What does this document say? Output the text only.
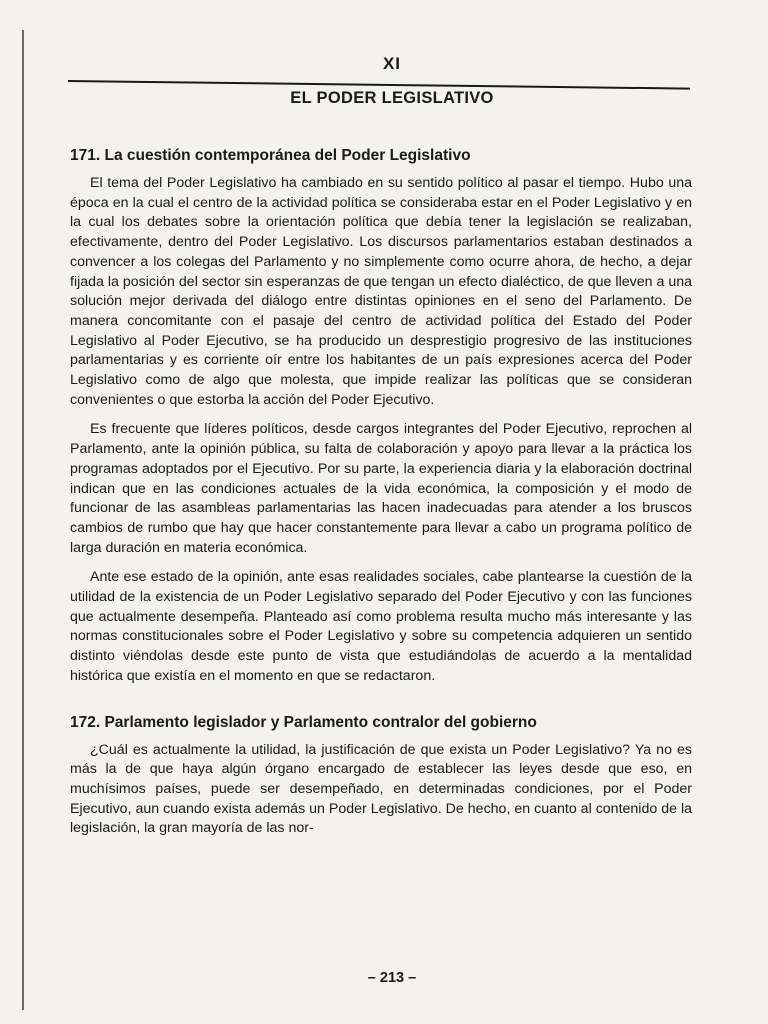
XI
EL PODER LEGISLATIVO
171. La cuestión contemporánea del Poder Legislativo

El tema del Poder Legislativo ha cambiado en su sentido político al pasar el tiempo. Hubo una época en la cual el centro de la actividad política se consideraba estar en el Poder Legislativo y en la cual los debates sobre la orientación política que debía tener la legislación se realizaban, efectivamente, dentro del Poder Legislativo. Los discursos parlamentarios estaban destinados a convencer a los colegas del Parlamento y no simplemente como ocurre ahora, de hecho, a dejar fijada la posición del sector sin esperanzas de que tengan un efecto dialéctico, de que lleven a una solución mejor derivada del diálogo entre distintas opiniones en el seno del Parlamento. De manera concomitante con el pasaje del centro de actividad política del Estado del Poder Legislativo al Poder Ejecutivo, se ha producido un desprestigio progresivo de las instituciones parlamentarias y es corriente oír entre los habitantes de un país expresiones acerca del Poder Legislativo como de algo que molesta, que impide realizar las políticas que se consideran convenientes o que estorba la acción del Poder Ejecutivo.

Es frecuente que líderes políticos, desde cargos integrantes del Poder Ejecutivo, reprochen al Parlamento, ante la opinión pública, su falta de colaboración y apoyo para llevar a la práctica los programas adoptados por el Ejecutivo. Por su parte, la experiencia diaria y la elaboración doctrinal indican que en las condiciones actuales de la vida económica, la composición y el modo de funcionar de las asambleas parlamentarias las hacen inadecuadas para atender a los bruscos cambios de rumbo que hay que hacer constantemente para llevar a cabo un programa político de larga duración en materia económica.

Ante ese estado de la opinión, ante esas realidades sociales, cabe plantearse la cuestión de la utilidad de la existencia de un Poder Legislativo separado del Poder Ejecutivo y con las funciones que actualmente desempeña. Planteado así como problema resulta mucho más interesante y las normas constitucionales sobre el Poder Legislativo y sobre su competencia adquieren un sentido distinto viéndolas desde este punto de vista que estudiándolas de acuerdo a la mentalidad histórica que existía en el momento en que se redactaron.

172. Parlamento legislador y Parlamento contralor del gobierno

¿Cuál es actualmente la utilidad, la justificación de que exista un Poder Legislativo? Ya no es más la de que haya algún órgano encargado de establecer las leyes desde que eso, en muchísimos países, puede ser desempeñado, en determinadas condiciones, por el Poder Ejecutivo, aun cuando exista además un Poder Legislativo. De hecho, en cuanto al contenido de la legislación, la gran mayoría de las nor-

– 213 –
